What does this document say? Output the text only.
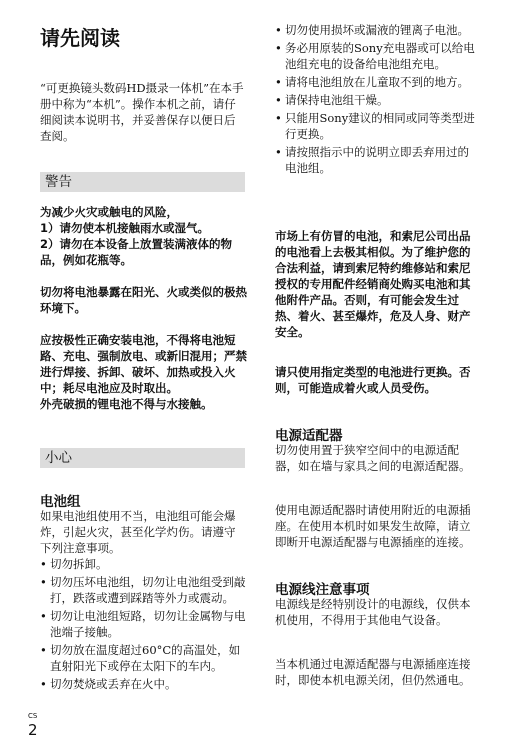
请先阅读
“可更换镜头数码HD摄录一体机”在本手册中称为“本机”。操作本机之前，请仔细阅读本说明书，并妥善保存以便日后查阅。
警告

为减少火灾或触电的风险，

1）请勿使本机接触雨水或湿气。

2）请勿在本设备上放置装满液体的物品，例如花瓶等。

切勿将电池暴露在阳光、火或类似的极热环境下。

应按极性正确安装电池，不得将电池短路、充电、强制放电、或新旧混用；严禁进行焊接、拆卸、破坏、加热或投入火中；耗尽电池应及时取出。

外壳破损的锂电池不得与水接触。

小心
电池组
如果电池组使用不当，电池组可能会爆炸，引起火灾，甚至化学灼伤。请遵守下列注意事项。
• 切勿拆卸。
• 切勿压坏电池组，切勿让电池组受到敲打，跌落或遭到踩踏等外力或震动。
• 切勿让电池组短路，切勿让金属物与电池端子接触。
• 切勿放在温度超过60°C的高温处，如直射阳光下或停在太阳下的车内。
• 切勿焚烧或丢弃在火中。
• 切勿使用损坏或漏液的锂离子电池。
• 务必用原装的Sony充电器或可以给电池组充电的设备给电池组充电。
• 请将电池组放在儿童取不到的地方。
• 请保持电池组干燥。
• 只能用Sony建议的相同或同等类型进行更换。
• 请按照指示中的说明立即丢弃用过的电池组。
市场上有仿冒的电池，和索尼公司出品的电池看上去极其相似。为了维护您的合法利益，请到索尼特约维修站和索尼授权的专用配件经销商处购买电池和其他附件产品。否则，有可能会发生过热、着火、甚至爆炸，危及人身、财产安全。
请只使用指定类型的电池进行更换。否则，可能造成着火或人员受伤。
电源适配器
切勿使用置于狭窄空间中的电源适配器，如在墙与家具之间的电源适配器。
使用电源适配器时请使用附近的电源插座。在使用本机时如果发生故障，请立即断开电源适配器与电源插座的连接。
电源线注意事项
电源线是经特别设计的电源线，仅供本机使用，不得用于其他电气设备。
当本机通过电源适配器与电源插座连接时，即使本机电源关闭，但仍然通电。
CS
2
